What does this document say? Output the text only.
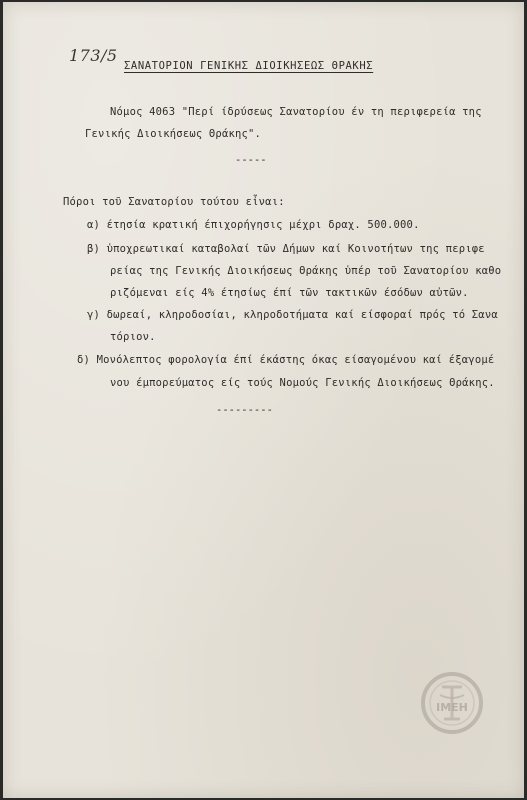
173/5
ΣΑΝΑΤΟΡΙΟΝ ΓΕΝΙΚΗΣ ΔΙΟΙΚΗΣΕΩΣ ΘΡΑΚΗΣ
Νόμος 4063 "Περί ίδρύσεως Σανατορίου έν τη περιφερεία της
Γενικής Διοικήσεως Θράκης".
-----
Πόροι τοῦ Σανατορίου τούτου εἶναι:
α) έτησία κρατική έπιχορήγησις μέχρι δραχ. 500.000.
β) ὑποχρεωτικαί καταβολαί τῶν Δήμων καί Κοινοτήτων της περιφε
ρείας της Γενικής Διοικήσεως Θράκης ὑπέρ τοῦ Σανατορίου καθο
ριζόμεναι είς 4% έτησίως έπί τῶν τακτικῶν έσόδων αὐτῶν.
γ) δωρεαί, κληροδοσίαι, κληροδοτήματα καί είσφοραί πρός τό Σανα
τόριον.
δ) Μονόλεπτος φορολογία έπί έκάστης όκας είσαγομένου καί έξαγομέ
νου έμπορεύματος είς τούς Νομούς Γενικής Διοικήσεως Θράκης.
---------
ΙΜΕΗ
